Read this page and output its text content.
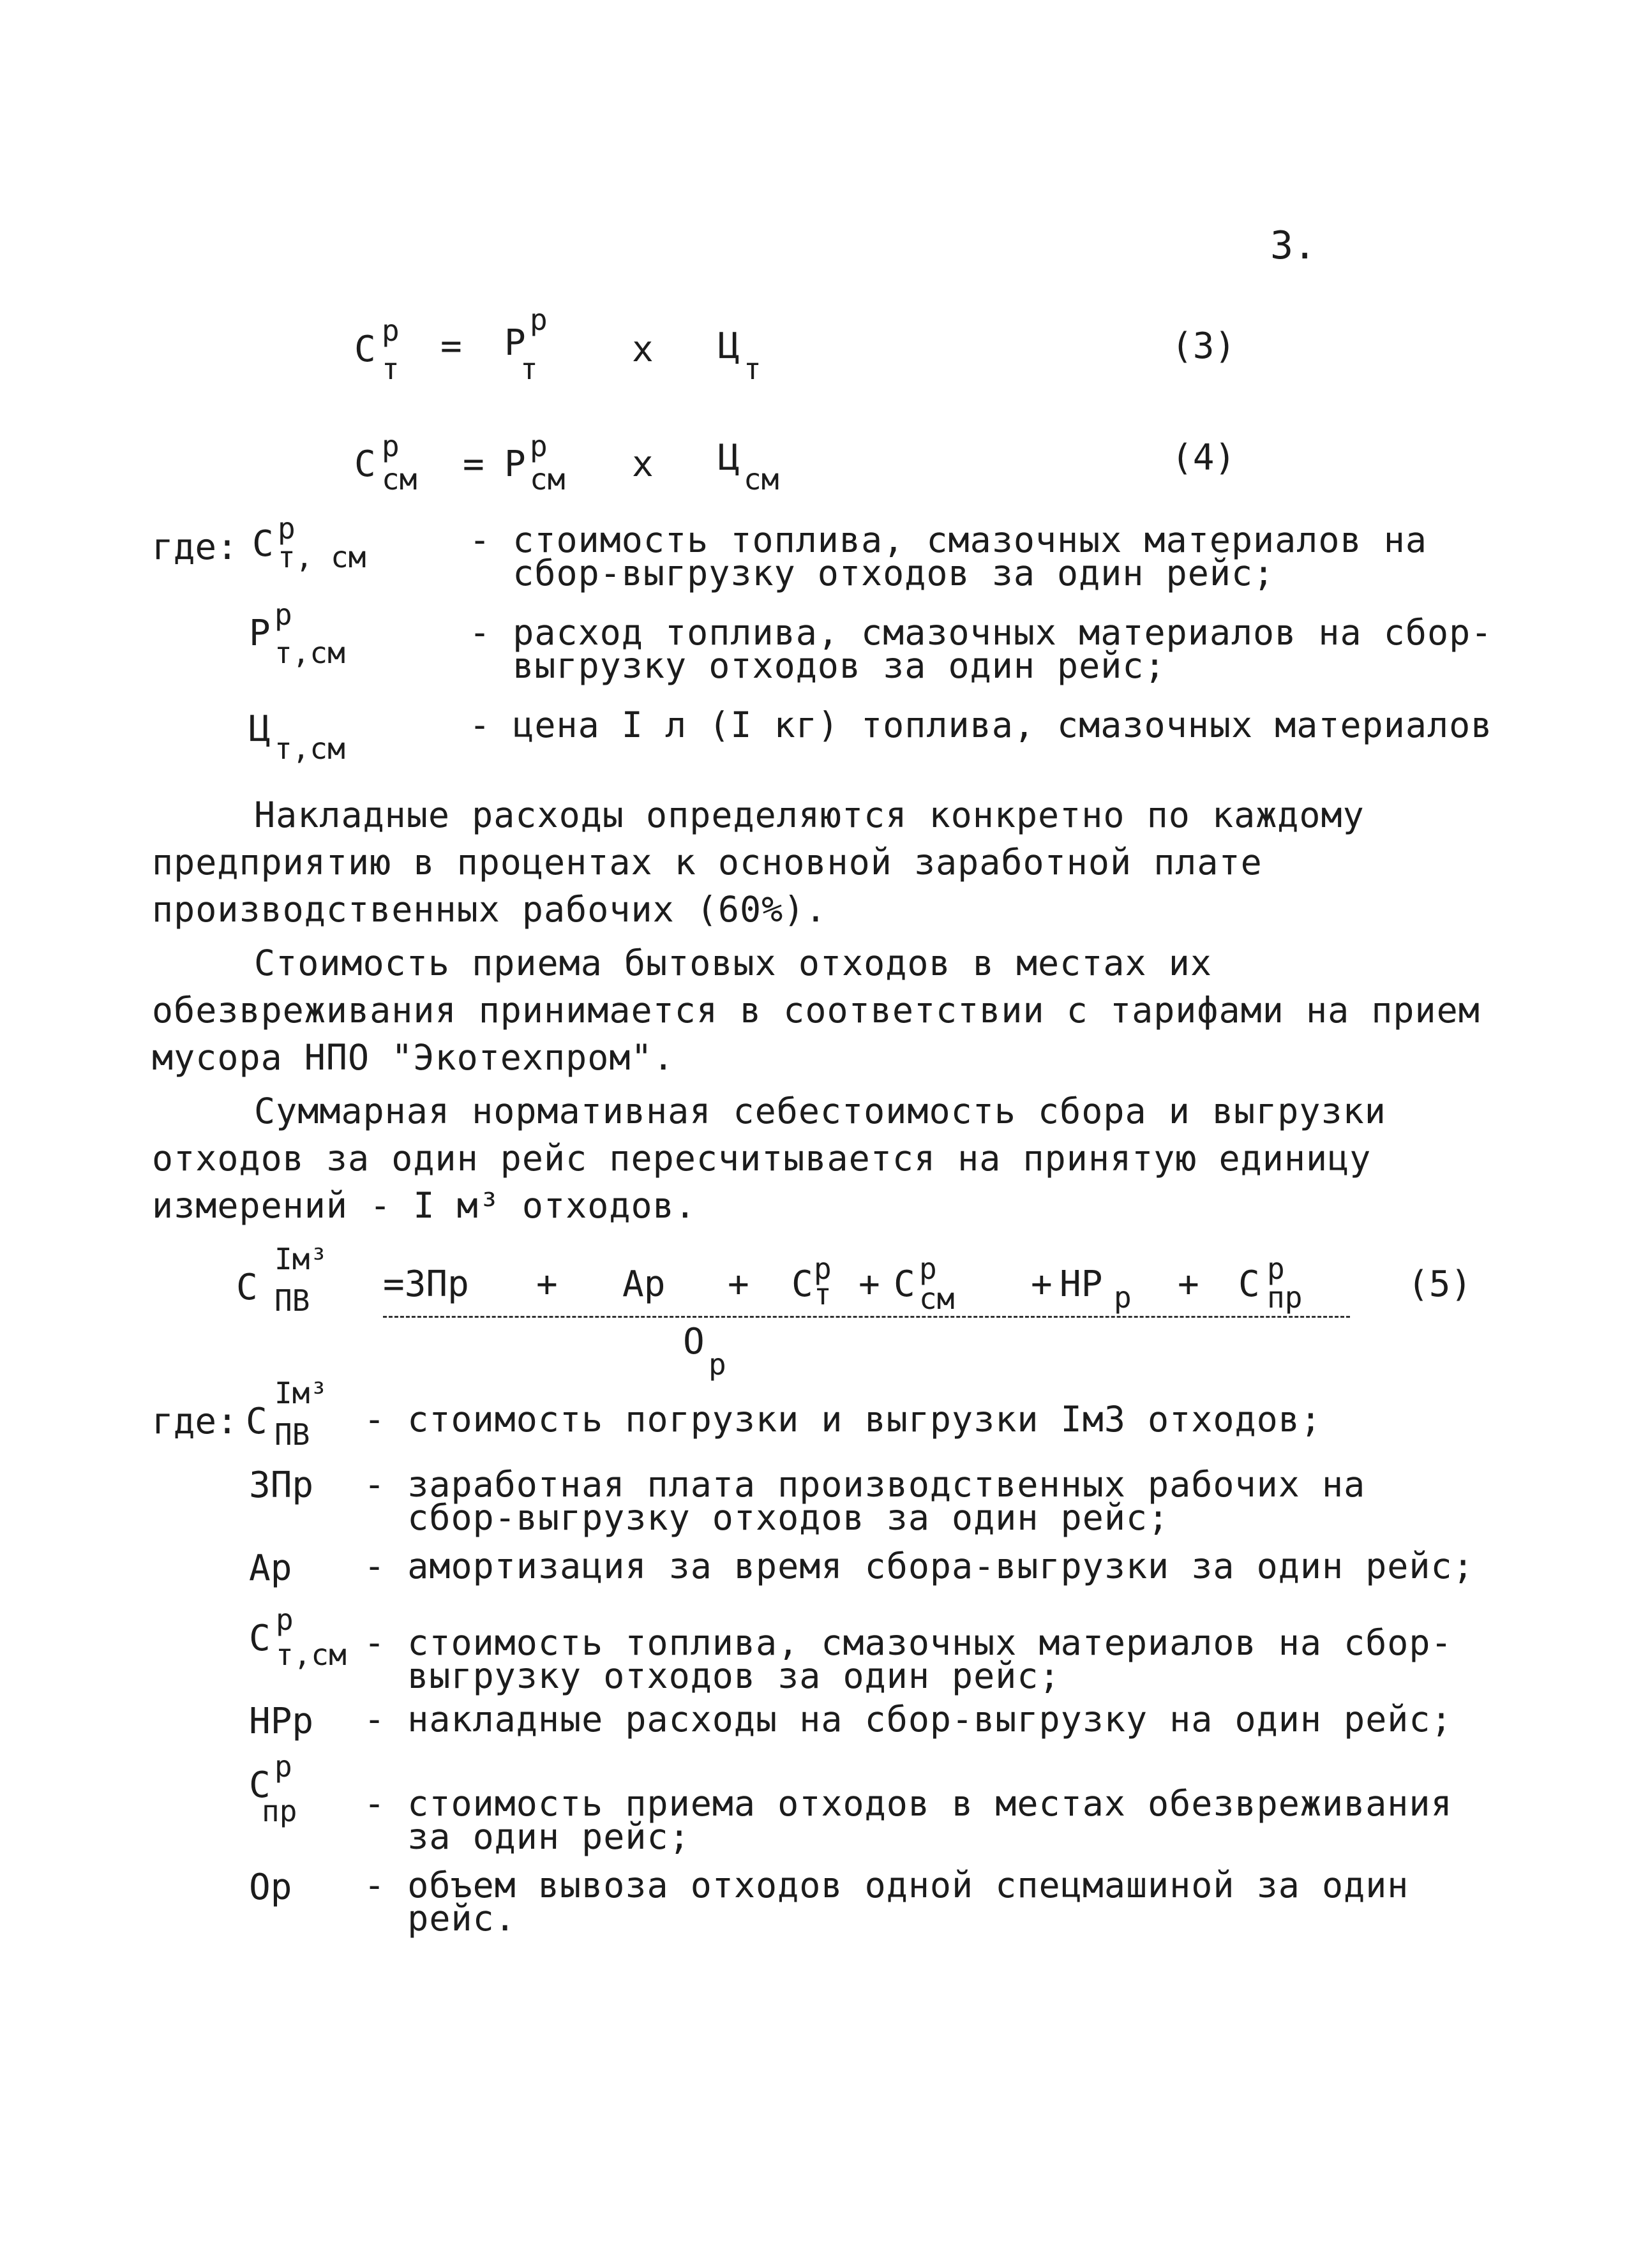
3.
С р
т
= Р
р
т	х Ц
т
(3)
С р
см = Р р
см х Ц
см
(4)
где: С р
т, см	- стоимость топлива, смазочных материалов на
сбор-выгрузку отходов за один рейс;
Р р
т,см	- расход топлива, смазочных материалов на сбор-
выгрузку отходов за один рейс;
Ц т,см
- цена I л (I кг) топлива, смазочных материалов

Накладные расходы определяются конкретно по каждому предприятию в процентах к основной заработной плате производственных рабочих (60%).

Стоимость приема бытовых отходов в местах их обезвреживания принимается в соответствии с тарифами на прием мусора НПО "Экотехпром".

Суммарная нормативная себестоимость сбора и выгрузки отходов за один рейс пересчитывается на принятую единицу измерений - I м³ отходов.

С
Iм³
ПВ =ЗПр + Ар + С р
т + С р
см + НР р + С р
пр
О
р
(5)
где: С
Iм³
ПВ - стоимость погрузки и выгрузки Iм3 отходов;
ЗПр - заработная плата производственных рабочих на
сбор-выгрузку отходов за один рейс;
Ар - амортизация за время сбора-выгрузки за один рейс;
С р
т,см - стоимость топлива, смазочных материалов на сбор-
выгрузку отходов за один рейс;
НРр - накладные расходы на сбор-выгрузку на один рейс;
С р
пр - стоимость приема отходов в местах обезвреживания
за один рейс;
Ор - объем вывоза отходов одной спецмашиной за один
рейс.
